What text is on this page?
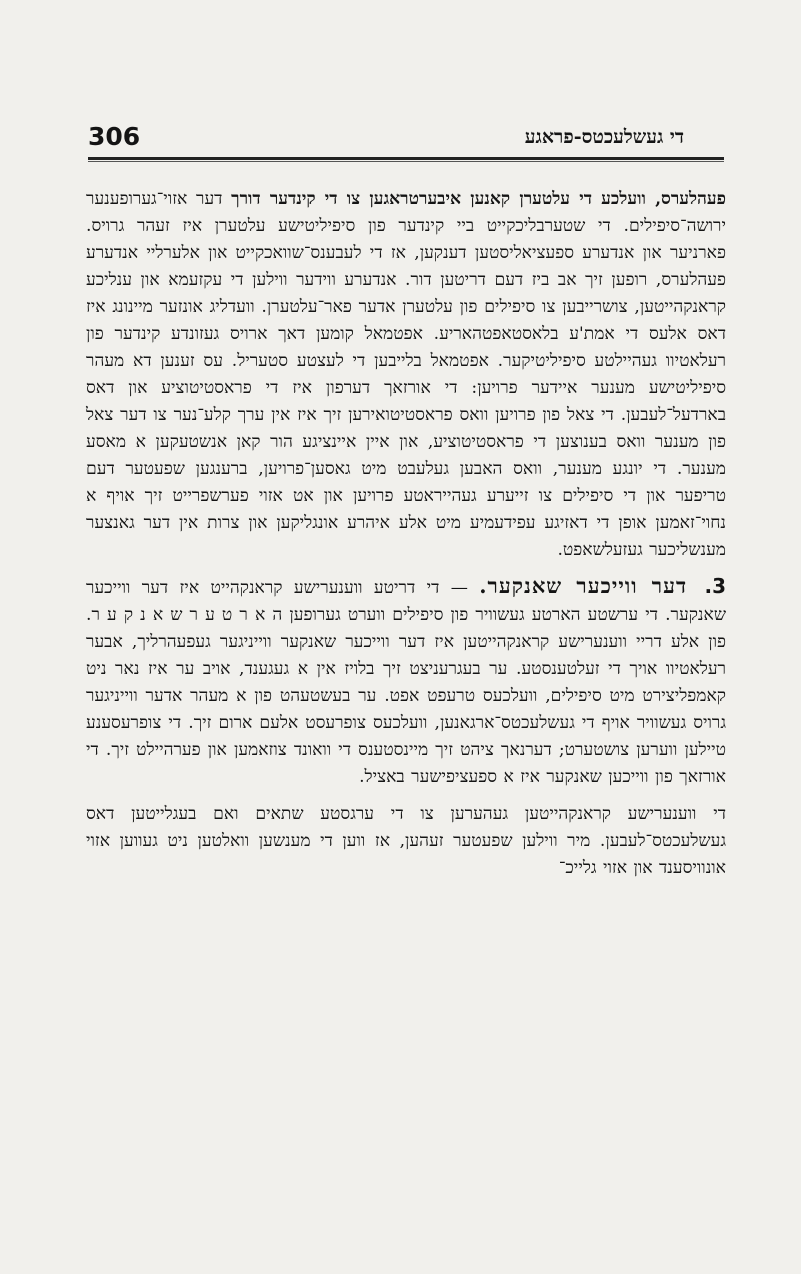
306	די געשלעכטס-פראגע

פעהלערס, וועלכע די עלטערן קאנען איבערטראגען צו די קינדער דורך דער אזוי־גערופענער ירושה־סיפילים. די שטערבליכקייט ביי קינדער פון סיפיליטישע עלטערן איז זעהר גרויס. פארניער און אנדערע ספעציאליסטען דענקען, אז די לעבענס־שוואכקייט און אלערליי אנדערע פעהלערס, רופען זיך אב ביז דעם דריטען דור. אנדערע ווידער ווילען די עקזעמא און ענליכע קראנקהייטען, צושרייבען צו סיפילים פון עלטערן אדער פאר־עלטערן. וועדליג אונזער מיינונג איז דאס אלעס די אמת'ע בלאסטאפטהאריע. אפטמאל קומען דאך ארויס געזונדע קינדער פון רעלאטיוו געהיילטע סיפיליטיקער. אפטמאל בלייבען די לעצטע סטעריל. עס זענען דא מעהר סיפיליטישע מענער איידער פרויען: די אורזאך דערפון איז די פראסטיטוציע און דאס בארדעל־לעבען. די צאל פון פרויען וואס פראסטיטואירען זיך איז אין ערך קלע־נער צו דער צאל פון מענער וואס בענוצען די פראסטיטוציע, און איין איינציגע הור קאן אנשטעקען א מאסע מענער. די יונגע מענער, וואס האבען געלעבט מיט גאסען־פרויען, ברענגען שפעטער דעם טריפער און די סיפילים צו זייערע געהייראטע פרויען און אט אזוי פערשפרייט זיך אויף א נחוי־זאמען אופן די דאזיגע עפידעמיע מיט אלע איהרע אונגליקען און צרות אין דער גאנצער מענשליכער געזעלשאפט.

3. דער ווייכער שאנקער. — די דריטע ווענערישע קראנקהייט איז דער ווייכער שאנקער. די ערשטע הארטע געשוויר פון סיפילים ווערט גערופען ה א ר ט ע ר ש א נ ק ע ר. פון אלע דריי ווענערישע קראנקהייטען איז דער ווייכער שאנקער ווייניגער געפעהרליך, אבער רעלאטיוו אויך די זעלטענסטע. ער בעגרעניצט זיך בלויז אין א געגענד, אויב ער איז נאר ניט קאמפליצירט מיט סיפילים, וועלכעס טרעפט אפט. ער בעשטעהט פון א מעהר אדער ווייניגער גרויס געשוויר אויף די געשלעכטס־ארגאנען, וועלכעס צופרעסט אלעם ארום זיך. די צופרעסענע טיילען ווערען צושטערט; דערנאך ציהט זיך מיינסטענס די וואונד צוזאמען און פערהיילט זיך. די אורזאך פון ווייכען שאנקער איז א ספעציפישער באציל.

די ווענערישע קראנקהייטען געהערען צו די ערגסטע שתאים ואם בעגלייטען דאס געשלעכטס־לעבען. מיר ווילען שפעטער זעהען, אז ווען די מענשען וואלטען ניט געווען אזוי אונוויסענד און אזוי גלייכ־
